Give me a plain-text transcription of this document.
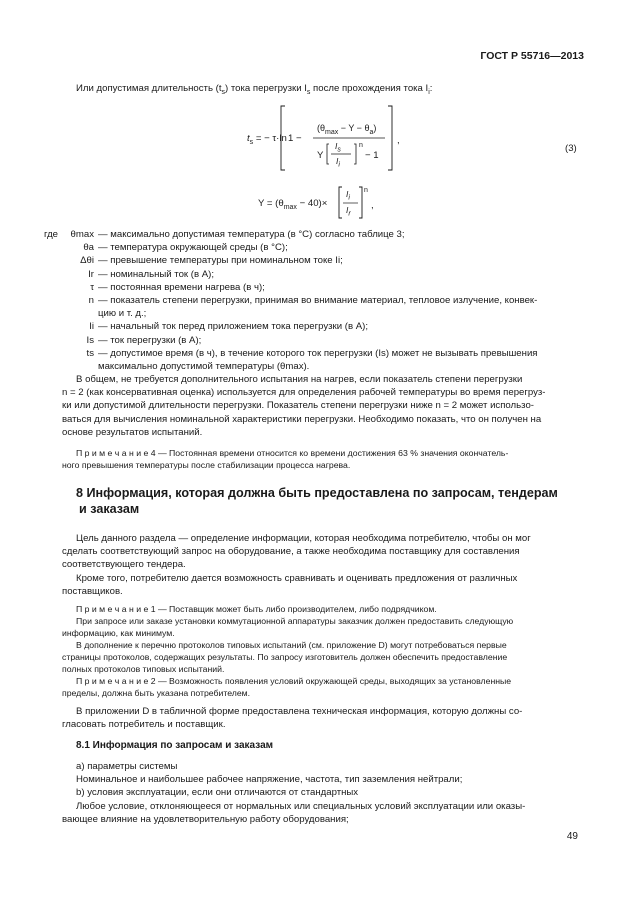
ГОСТ Р 55716—2013
Или допустимая длительность $(t_s)$ тока перегрузки $I_s$ после прохождения тока $I_i$:
$t_s$ = − τ·ln 1 −
$(\theta_{max} - Y - \theta_a)$
Y
$I_s$
$I_i$
n
− 1
,
(3)
$Y = (\theta_{max} - 40)\times$
$I_i$
$I_r$
n
,
где	θmax — максимально допустимая температура (в °C) согласно таблице 3;
θa — температура окружающей среды (в °C);
Δθi — превышение температуры при номинальном токе Ii;
Ir — номинальный ток (в А);
τ — постоянная времени нагрева (в ч);
n — показатель степени перегрузки, принимая во внимание материал, тепловое излучение, конвек-
цию и т. д.;
Ii — начальный ток перед приложением тока перегрузки (в А);
Is — ток перегрузки (в А);
ts — допустимое время (в ч), в течение которого ток перегрузки (Is) может не вызывать превышения
максимально допустимой температуры (θmax).
В общем, не требуется дополнительного испытания на нагрев, если показатель степени перегрузки
n = 2 (как консервативная оценка) используется для определения рабочей температуры во время перегруз-
ки или допустимой длительности перегрузки. Показатель степени перегрузки ниже n = 2 может использо-
ваться для вычисления номинальной характеристики перегрузки. Необходимо показать, что он получен на
основе результатов испытаний.
П р и м е ч а н и е 4 — Постоянная времени относится ко времени достижения 63 % значения окончатель-
ного превышения температуры после стабилизации процесса нагрева.
8 Информация, которая должна быть предоставлена по запросам, тендерам
и заказам
Цель данного раздела — определение информации, которая необходима потребителю, чтобы он мог
сделать соответствующий запрос на оборудование, а также необходима поставщику для составления
соответствующего тендера.
Кроме того, потребителю дается возможность сравнивать и оценивать предложения от различных
поставщиков.
П р и м е ч а н и е 1 — Поставщик может быть либо производителем, либо подрядчиком.
При запросе или заказе установки коммутационной аппаратуры заказчик должен предоставить следующую
информацию, как минимум.
В дополнение к перечню протоколов типовых испытаний (см. приложение D) могут потребоваться первые
страницы протоколов, содержащих результаты. По запросу изготовитель должен обеспечить предоставление
полных протоколов типовых испытаний.
П р и м е ч а н и е 2 — Возможность появления условий окружающей среды, выходящих за установленные
пределы, должна быть указана потребителем.
В приложении D в табличной форме предоставлена техническая информация, которую должны со-
гласовать потребитель и поставщик.
8.1 Информация по запросам и заказам
a) параметры системы
Номинальное и наибольшее рабочее напряжение, частота, тип заземления нейтрали;
b) условия эксплуатации, если они отличаются от стандартных
Любое условие, отклоняющееся от нормальных или специальных условий эксплуатации или оказы-
вающее влияние на удовлетворительную работу оборудования;
49
